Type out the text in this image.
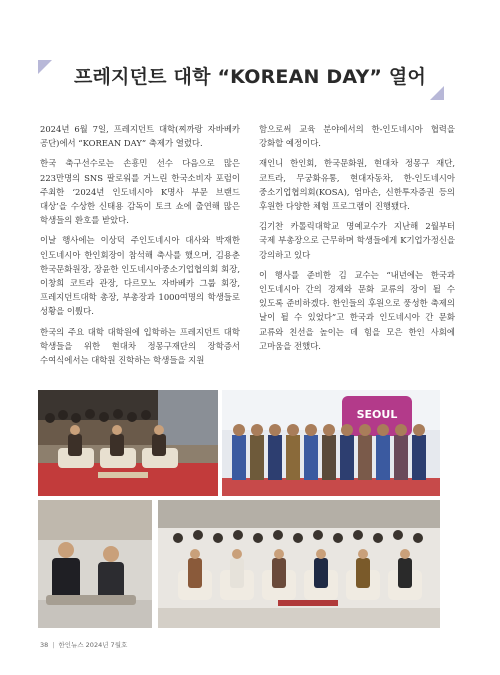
프레지던트 대학 “KOREAN DAY” 열어

2024년 6월 7일, 프레지던트 대학(찌까랑 자바베카 공단)에서 “KOREAN DAY” 축제가 열렸다.

한국 축구선수로는 손흥민 선수 다음으로 많은 223만명의 SNS 팔로워를 거느린 한국소비자 포럼이 주최한 ‘2024년 인도네시아 K명사 부문 브랜드 대상’을 수상한 신태용 감독이 토크 쇼에 출연해 많은 학생들의 환호를 받았다.

이날 행사에는 이상덕 주인도네시아 대사와 박재한 인도네시아 한인회장이 참석해 축사를 했으며, 김용춘 한국문화원장, 장윤한 인도네시아중소기업협의회 회장, 이창희 코트라 관장, 다르모노 자바베카 그룹 회장, 프레지던트대학 총장, 부총장과 1000여명의 학생들로 성황을 이뤘다.

한국의 주요 대학 대학원에 입학하는 프레지던트 대학 학생들을 위한 현대차 정몽구재단의 장학증서 수여식에서는 대학원 진학하는 학생들을 지원

함으로써 교육 분야에서의 한-인도네시아 협력을 강화할 예정이다.

재인니 한인회, 한국문화원, 현대차 정몽구 재단, 코트라, 무궁화유통, 현대자동차, 한-인도네시아 중소기업협의회(KOSA), 엄마손, 신한투자증권 등의 후원한 다양한 체험 프로그램이 진행됐다.

김기찬 카톨릭대학교 명예교수가 지난해 2월부터 국제 부총장으로 근무하며 학생들에게 K기업가정신을 강의하고 있다

이 행사를 준비한 김 교수는 “내년에는 한국과 인도네시아 간의 경제와 문화 교류의 장이 될 수 있도록 준비하겠다. 한인들의 후원으로 풍성한 축제의 날이 될 수 있었다”고 한국과 인도네시아 간 문화 교류와 친선을 높이는 데 힘을 모은 한인 사회에 고마움을 전했다.

SEOUL
38 | 한인뉴스 2024년 7월호
